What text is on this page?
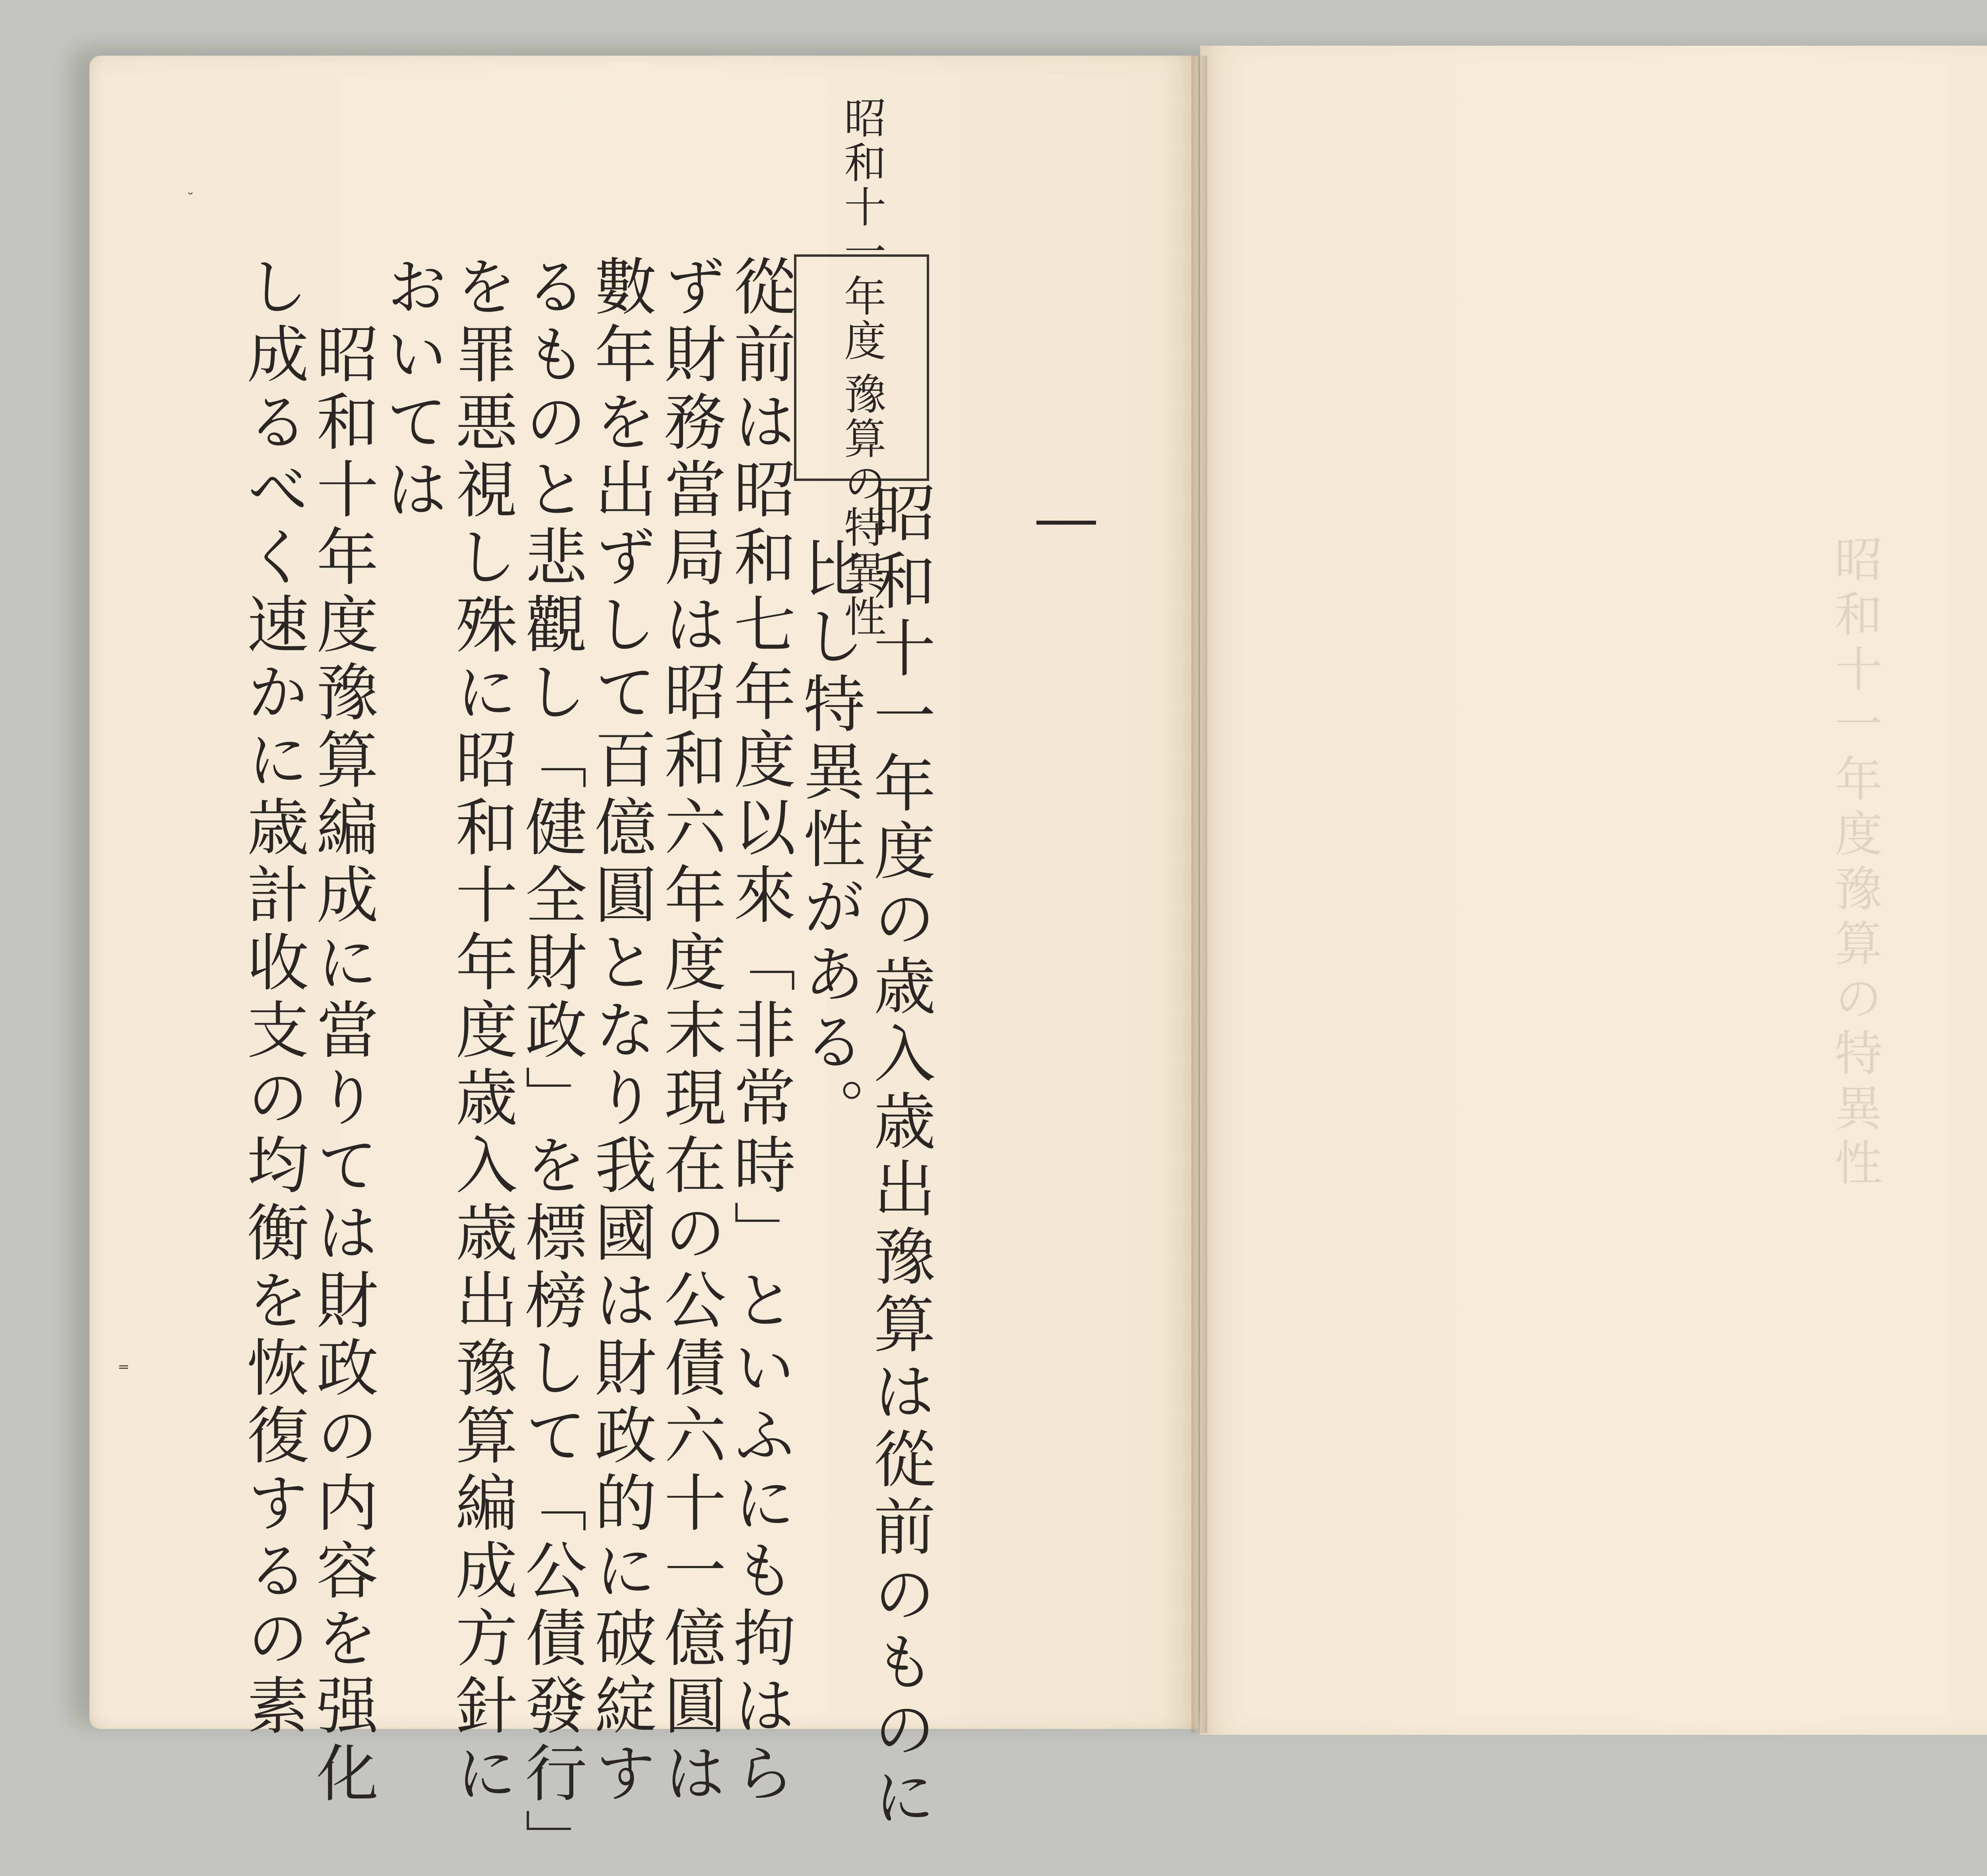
昭和十一年度豫算の特異性
昭和十一年度
豫算の特異性
昭和十一年度の歳入歳出豫算は從前のものに
比し特異性がある。
從前は昭和七年度以來「非常時」といふにも拘はら
ず財務當局は昭和六年度末現在の公債六十一億圓は
數年を出ずして百億圓となり我國は財政的に破綻す
るものと悲觀し「健全財政」を標榜して「公債發行」
を罪悪視し殊に昭和十年度歳入歳出豫算編成方針に
おいては
昭和十年度豫算編成に當りては財政の内容を强化
し成るべく速かに歳計收支の均衡を恢復するの素
˘
═
